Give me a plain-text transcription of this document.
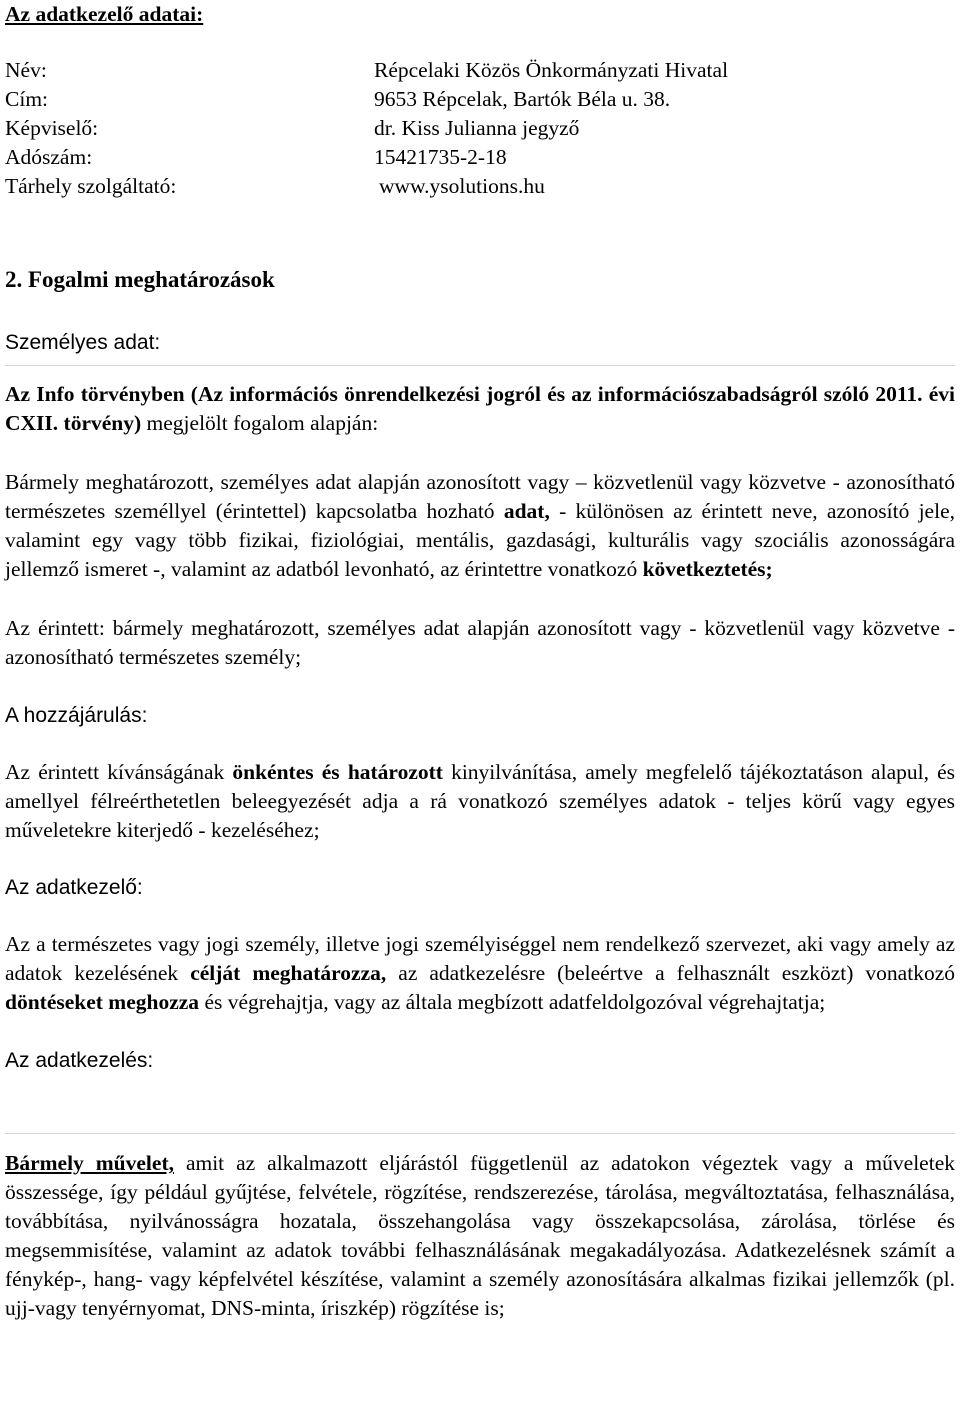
Az adatkezelő adatai:
Név:	Répcelaki Közös Önkormányzati Hivatal
Cím:	9653 Répcelak, Bartók Béla u. 38.
Képviselő:	dr. Kiss Julianna jegyző
Adószám:	15421735-2-18
Tárhely szolgáltató:	www.ysolutions.hu
2. Fogalmi meghatározások
Személyes adat:

Az Info törvényben (Az információs önrendelkezési jogról és az információszabadságról szóló 2011. évi CXII. törvény) megjelölt fogalom alapján:

Bármely meghatározott, személyes adat alapján azonosított vagy – közvetlenül vagy közvetve - azonosítható természetes személlyel (érintettel) kapcsolatba hozható adat, - különösen az érintett neve, azonosító jele, valamint egy vagy több fizikai, fiziológiai, mentális, gazdasági, kulturális vagy szociális azonosságára jellemző ismeret -, valamint az adatból levonható, az érintettre vonatkozó következtetés;

Az érintett: bármely meghatározott, személyes adat alapján azonosított vagy - közvetlenül vagy közvetve - azonosítható természetes személy;

A hozzájárulás:

Az érintett kívánságának önkéntes és határozott kinyilvánítása, amely megfelelő tájékoztatáson alapul, és amellyel félreérthetetlen beleegyezését adja a rá vonatkozó személyes adatok - teljes körű vagy egyes műveletekre kiterjedő - kezeléséhez;

Az adatkezelő:

Az a természetes vagy jogi személy, illetve jogi személyiséggel nem rendelkező szervezet, aki vagy amely az adatok kezelésének célját meghatározza, az adatkezelésre (beleértve a felhasznált eszközt) vonatkozó döntéseket meghozza és végrehajtja, vagy az általa megbízott adatfeldolgozóval végrehajtatja;

Az adatkezelés:

Bármely művelet, amit az alkalmazott eljárástól függetlenül az adatokon végeztek vagy a műveletek összessége, így például gyűjtése, felvétele, rögzítése, rendszerezése, tárolása, megváltoztatása, felhasználása, továbbítása, nyilvánosságra hozatala, összehangolása vagy összekapcsolása, zárolása, törlése és megsemmisítése, valamint az adatok további felhasználásának megakadályozása. Adatkezelésnek számít a fénykép-, hang- vagy képfelvétel készítése, valamint a személy azonosítására alkalmas fizikai jellemzők (pl. ujj-vagy tenyérnyomat, DNS-minta, íriszkép) rögzítése is;
